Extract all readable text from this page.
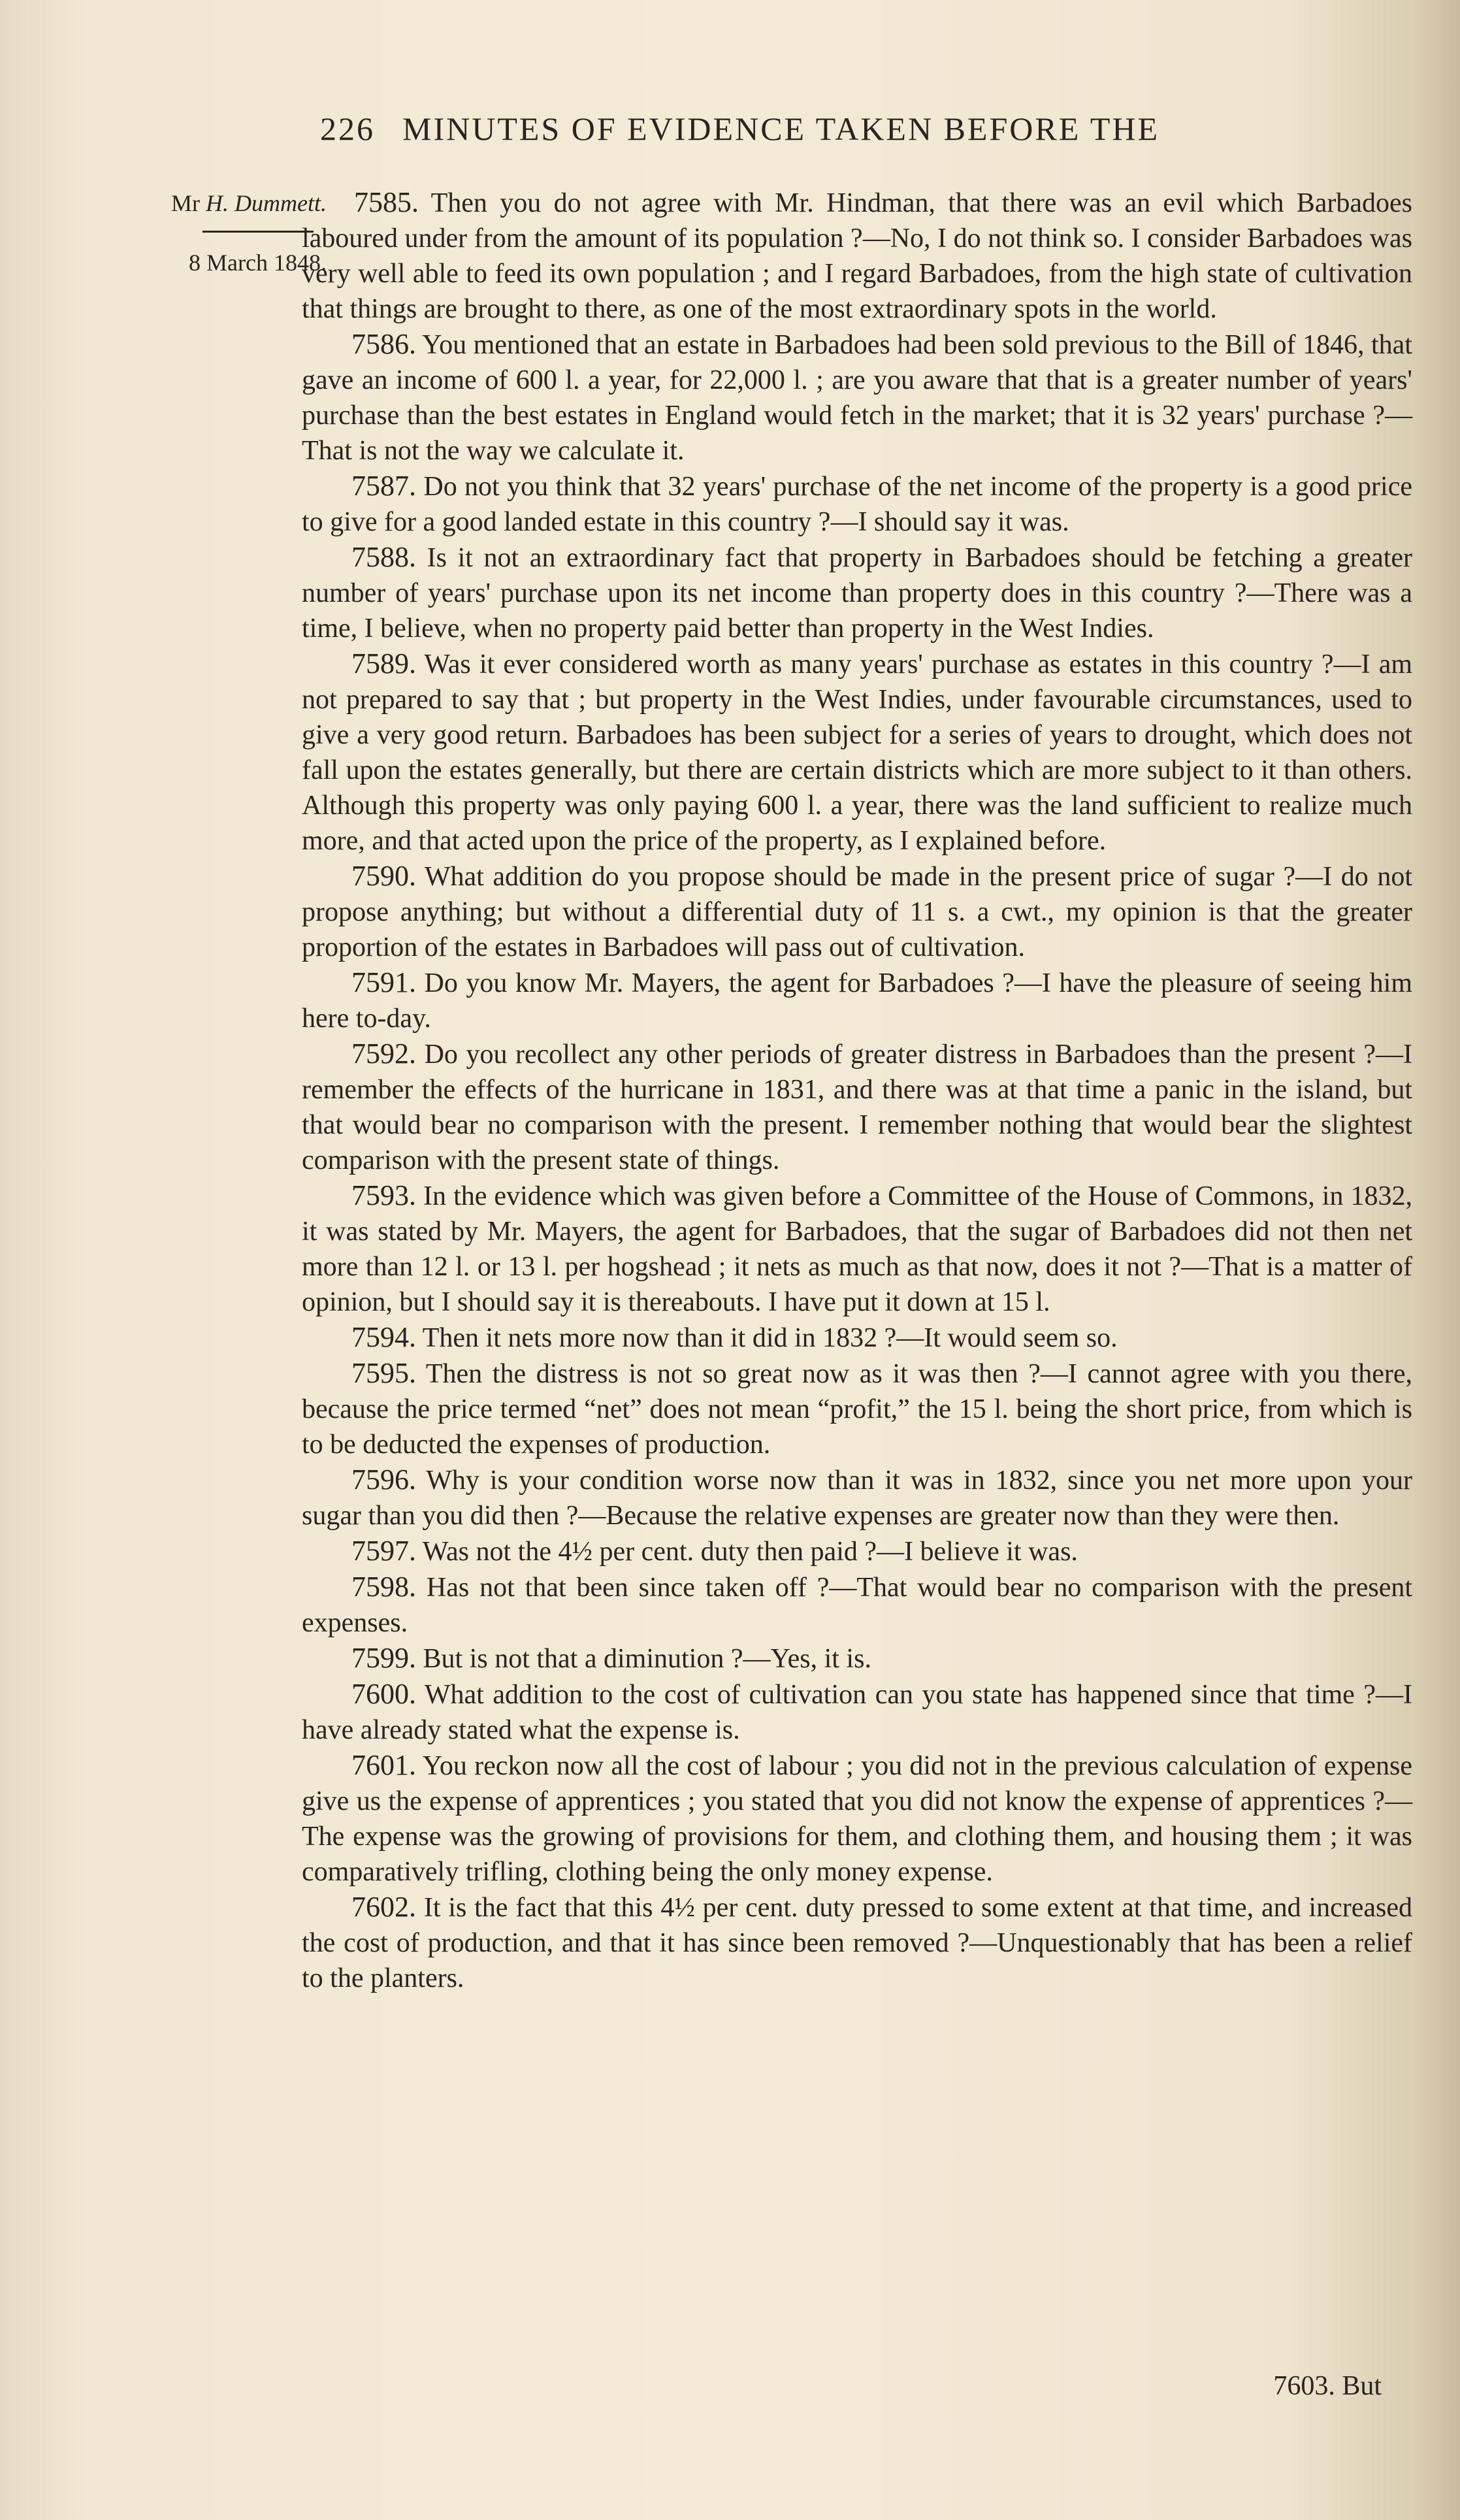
226 MINUTES OF EVIDENCE TAKEN BEFORE THE
Mr H. Dummett.
8 March 1848.

7585. Then you do not agree with Mr. Hindman, that there was an evil which Barbadoes laboured under from the amount of its population ?—No, I do not think so. I consider Barbadoes was very well able to feed its own population ; and I regard Barbadoes, from the high state of cultivation that things are brought to there, as one of the most extraordinary spots in the world.

7586. You mentioned that an estate in Barbadoes had been sold previous to the Bill of 1846, that gave an income of 600 l. a year, for 22,000 l. ; are you aware that that is a greater number of years' purchase than the best estates in England would fetch in the market; that it is 32 years' purchase ?—That is not the way we calculate it.

7587. Do not you think that 32 years' purchase of the net income of the property is a good price to give for a good landed estate in this country ?—I should say it was.

7588. Is it not an extraordinary fact that property in Barbadoes should be fetching a greater number of years' purchase upon its net income than property does in this country ?—There was a time, I believe, when no property paid better than property in the West Indies.

7589. Was it ever considered worth as many years' purchase as estates in this country ?—I am not prepared to say that ; but property in the West Indies, under favourable circumstances, used to give a very good return. Barbadoes has been subject for a series of years to drought, which does not fall upon the estates generally, but there are certain districts which are more subject to it than others. Although this property was only paying 600 l. a year, there was the land sufficient to realize much more, and that acted upon the price of the property, as I explained before.

7590. What addition do you propose should be made in the present price of sugar ?—I do not propose anything; but without a differential duty of 11 s. a cwt., my opinion is that the greater proportion of the estates in Barbadoes will pass out of cultivation.

7591. Do you know Mr. Mayers, the agent for Barbadoes ?—I have the pleasure of seeing him here to-day.

7592. Do you recollect any other periods of greater distress in Barbadoes than the present ?—I remember the effects of the hurricane in 1831, and there was at that time a panic in the island, but that would bear no comparison with the present. I remember nothing that would bear the slightest comparison with the present state of things.

7593. In the evidence which was given before a Committee of the House of Commons, in 1832, it was stated by Mr. Mayers, the agent for Barbadoes, that the sugar of Barbadoes did not then net more than 12 l. or 13 l. per hogshead ; it nets as much as that now, does it not ?—That is a matter of opinion, but I should say it is thereabouts. I have put it down at 15 l.

7594. Then it nets more now than it did in 1832 ?—It would seem so.

7595. Then the distress is not so great now as it was then ?—I cannot agree with you there, because the price termed “net” does not mean “profit,” the 15 l. being the short price, from which is to be deducted the expenses of production.

7596. Why is your condition worse now than it was in 1832, since you net more upon your sugar than you did then ?—Because the relative expenses are greater now than they were then.

7597. Was not the 4½ per cent. duty then paid ?—I believe it was.

7598. Has not that been since taken off ?—That would bear no comparison with the present expenses.

7599. But is not that a diminution ?—Yes, it is.

7600. What addition to the cost of cultivation can you state has happened since that time ?—I have already stated what the expense is.

7601. You reckon now all the cost of labour ; you did not in the previous calculation of expense give us the expense of apprentices ; you stated that you did not know the expense of apprentices ?—The expense was the growing of provisions for them, and clothing them, and housing them ; it was comparatively trifling, clothing being the only money expense.

7602. It is the fact that this 4½ per cent. duty pressed to some extent at that time, and increased the cost of production, and that it has since been removed ?—Unquestionably that has been a relief to the planters.

7603. But
